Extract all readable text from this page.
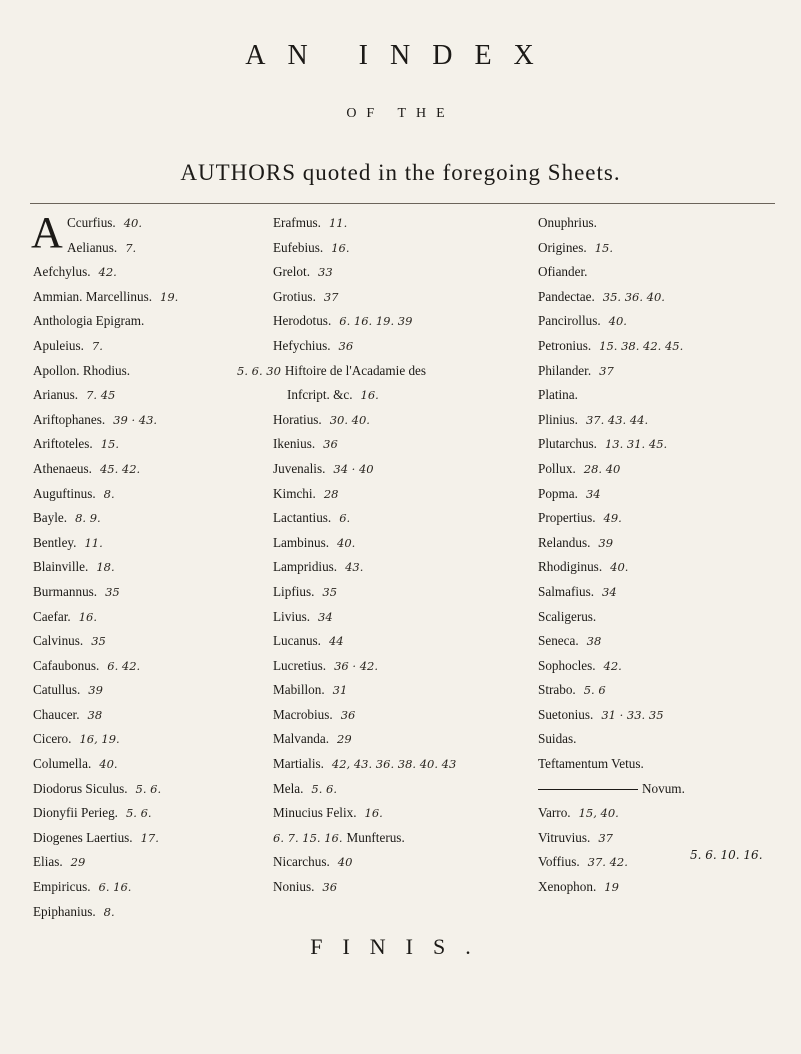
AN INDEX
OF THE
AUTHORS quoted in the foregoing Sheets.
A Ccurfius. 40.
Aelianus. 7.
Aefchylus. 42.
Ammian. Marcellinus. 19.
Anthologia Epigram.
Apuleius. 7.
Apollon. Rhodius.
Arianus. 7. 45
Ariftophanes. 39 · 43.
Ariftoteles. 15.
Athenaeus. 45. 42.
Auguftinus. 8.
Bayle. 8. 9.
Bentley. 11.
Blainville. 18.
Burmannus. 35
Caefar. 16.
Calvinus. 35
Cafaubonus. 6. 42.
Catullus. 39
Chaucer. 38
Cicero. 16, 19.
Columella. 40.
Diodorus Siculus. 5. 6.
Dionyfii Perieg. 5. 6.
Diogenes Laertius. 17.
Elias. 29
Empiricus. 6. 16.
Epiphanius. 8.
Erafmus. 11.
Eufebius. 16.
Grelot. 33
Grotius. 37
Herodotus. 6. 16. 19. 39
Hefychius. 36
5. 6. 30 Hiftoire de l'Acadamie des
Infcript. &c. 16.
Horatius. 30. 40.
Ikenius. 36
Juvenalis. 34 · 40
Kimchi. 28
Lactantius. 6.
Lambinus. 40.
Lampridius. 43.
Lipfius. 35
Livius. 34
Lucanus. 44
Lucretius. 36 · 42.
Mabillon. 31
Macrobius. 36
Malvanda. 29
Martialis. 42, 43. 36. 38. 40. 43
Mela. 5. 6.
Minucius Felix. 16.
6. 7. 15. 16. Munfterus.
Nicarchus. 40
Nonius. 36
Onuphrius.
Origines. 15.
Ofiander.
Pandectae. 35. 36. 40.
Pancirollus. 40.
Petronius. 15. 38. 42. 45.
Philander. 37
Platina.
Plinius. 37. 43. 44.
Plutarchus. 13. 31. 45.
Pollux. 28. 40
Popma. 34
Propertius. 49.
Relandus. 39
Rhodiginus. 40.
Salmafius. 34
Scaligerus.
Seneca. 38
Sophocles. 42.
Strabo. 5. 6
Suetonius. 31 · 33. 35
Suidas.
Teftamentum Vetus.
Novum.
Varro. 15, 40.
Vitruvius. 37
Voffius. 37. 42.
Xenophon. 19
5. 6. 10. 16.
FINIS.
